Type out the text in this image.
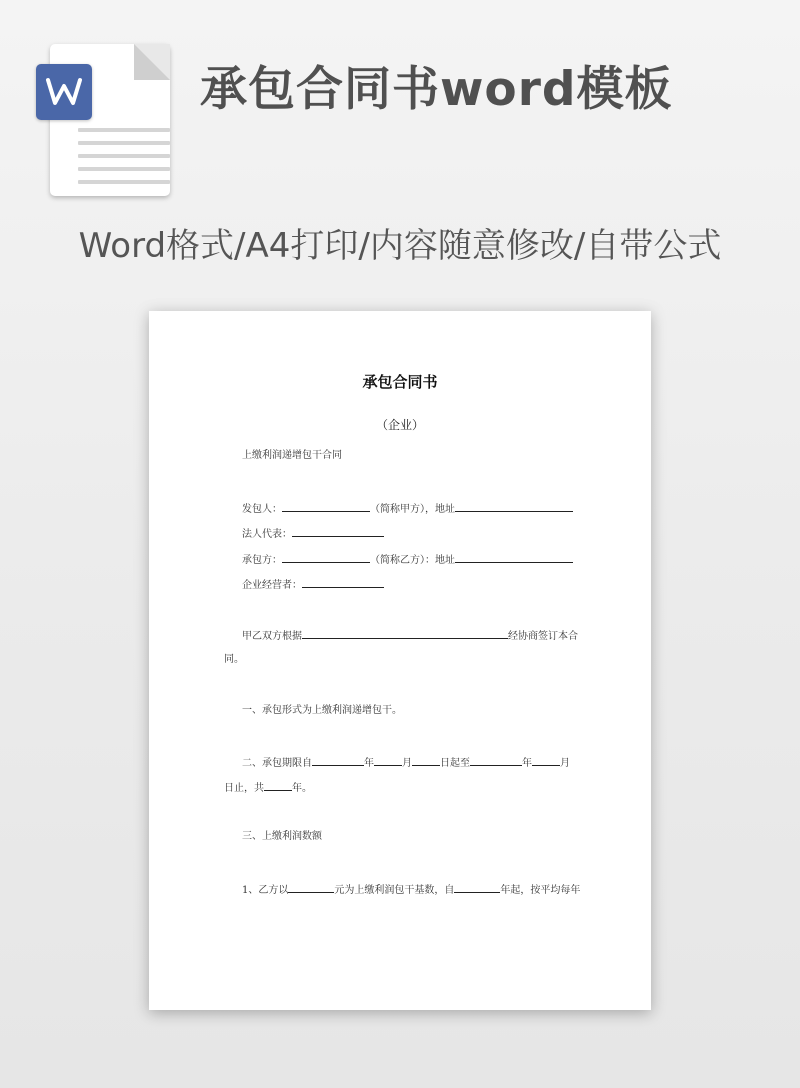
承包合同书word模板
Word格式/A4打印/内容随意修改/自带公式
承包合同书
（企业）
上缴利润递增包干合同
发包人：	（简称甲方），地址
法人代表：
承包方：	（简称乙方）：地址
企业经营者：
甲乙双方根据	经协商签订本合
同。
一、承包形式为上缴利润递增包干。
二、承包期限自	年	月	日起至	年	月
日止，共	年。
三、上缴利润数额
1、乙方以	元为上缴利润包干基数，自	年起，按平均每年
